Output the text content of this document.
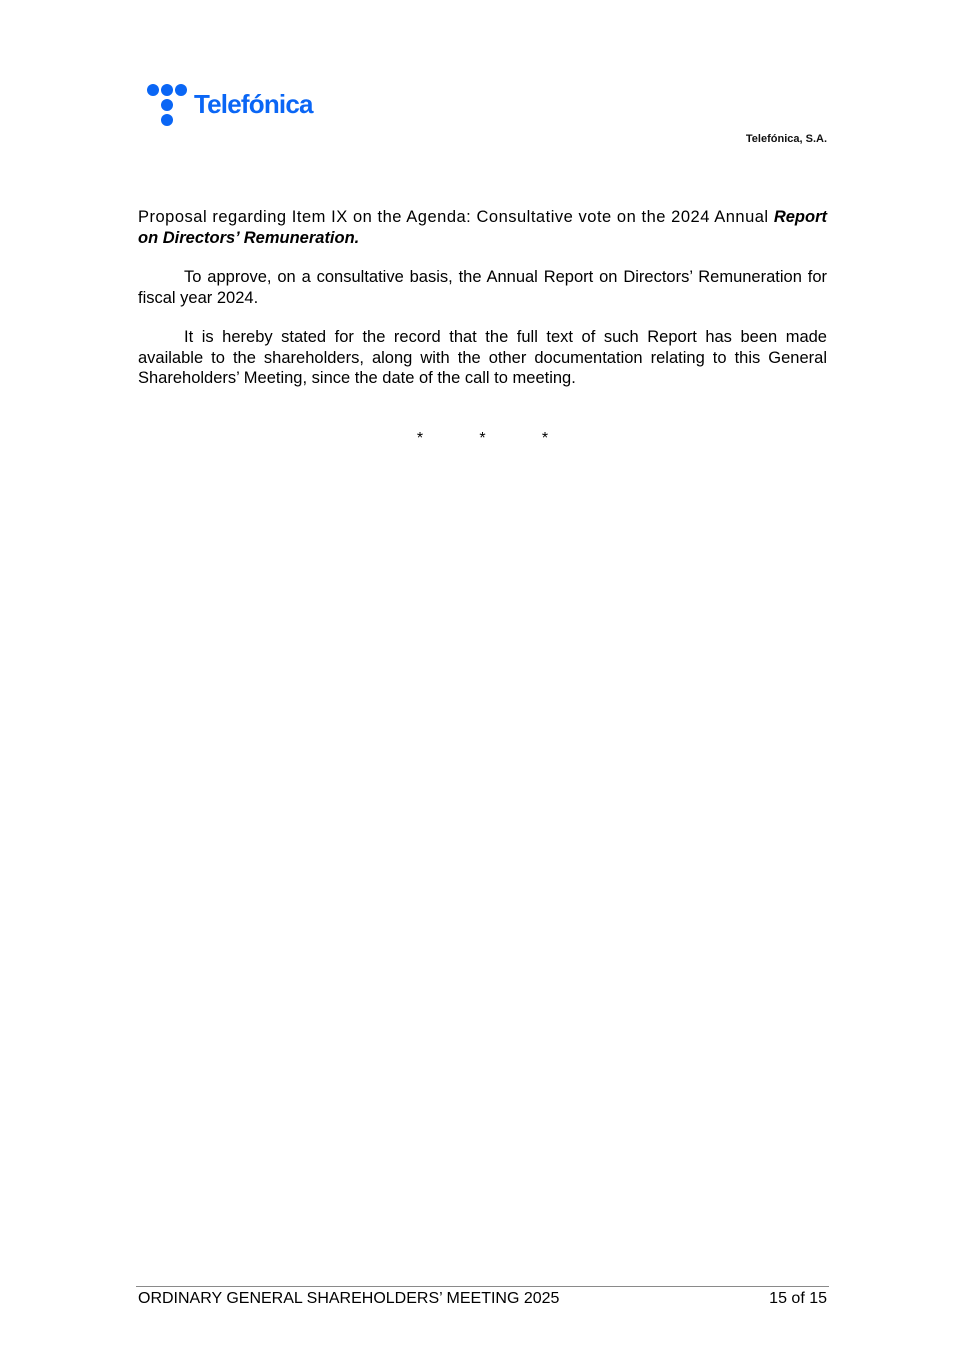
Telefónica
Telefónica, S.A.

Proposal regarding Item IX on the Agenda: Consultative vote on the 2024 Annual Report on Directors’ Remuneration.

To approve, on a consultative basis, the Annual Report on Directors’ Remuneration for fiscal year 2024.

It is hereby stated for the record that the full text of such Report has been made available to the shareholders, along with the other documentation relating to this General Shareholders’ Meeting, since the date of the call to meeting.

*	*	*
ORDINARY GENERAL SHAREHOLDERS’ MEETING 2025	15 of 15
